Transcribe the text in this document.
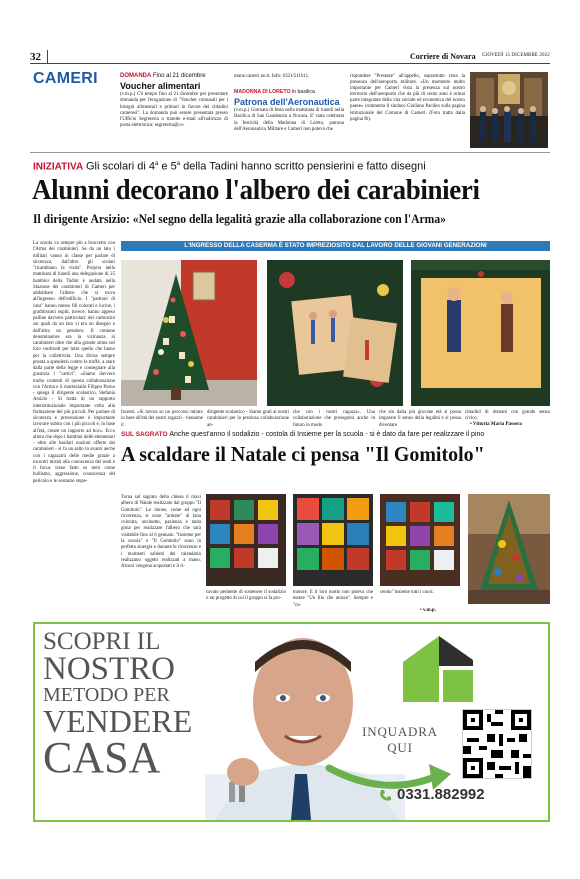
32	Corriere di Novara GIOVEDÌ 15 DICEMBRE 2022
CAMERI	DOMANDA Fino al 21 dicembre
Voucher alimentari
(v.m.p.) C'è tempo fino al 21 dicembre per presentare domanda per l'erogazione di "Voucher comunali per i bisogni alimentari e primari in favore dei cittadini cameresi". La domanda può essere presentata presso l'Ufficio Segreteria o tramite e-mail all'indirizzo di posta elettronica: segreteria@co-
mune.cameri.no.it. Info: 0321/511611.
MADONNA DI LORETO In basilica
Patrona dell'Aeronautica
(v.m.p.) Giornata di festa nella mattinata di lunedì nella Basilica di San Gaudenzio a Novara. E' stata celebrata la festività della Madonna di Loreto, patrona dell'Aeronautica Militare e Cameri non poteva che
rispondere "Presente" all'appello, soprattutto vista la presenza dell'aeroporto militare. «Un momento molto importante per Cameri vista la presenza sul nostro territorio dell'aeroporto che da più di cento anni è ormai parte integrante della vita sociale ed economica del nostro paese» commenta il sindaco Giuliano Pacileo sulla pagina istituzionale del Comune di Cameri. (Foto tratta dalla pagina fb).
INIZIATIVA Gli scolari di 4$^a$ e 5$^a$ della Tadini hanno scritto pensierini e fatto disegni
Alunni decorano l'albero dei carabinieri
Il dirigente Arsizio: «Nel segno della legalità grazie alla collaborazione con l'Arma»
La scuola va sempre più a braccetto con l'Arma dei carabinieri. Se da un lato i militari vanno in classe per parlare di sicurezza, dall'altro gli scolari "ricambiano la visita". Proprio nella mattinata di lunedì una delegazione di 25 bambini della Tadini è andata nella Stazione dei carabinieri di Cameri per addobbare l'albero che si trova all'ingresso dell'edificio. I "padroni di casa" hanno messo fili colorati e lucine, i graditissimi ospiti, invece, hanno appeso palline davvero particolari: dei cartoncini sui quali da un lato vi era un disegno e dall'altro un pensiero. Il comune denominatore era la vicinanza ai carabinieri oltre che alla grande stima nei loro confronti per tutto quello che fanno per la collettività. Una divisa sempre pronta a spendersi contro le truffe, a stare dalla parte della legge e consegnare alla giustizia i "cattivi". «Siamo davvero molto contenti di questa collaborazione con l'Arma e il maresciallo Filippo Purno - spiega il dirigente scolastico, Stefania Arsizio - Si tratta di un rapporto interistituzionale importante volto alla formazione dei più piccoli. Per parlare di sicurezza e prevenzione è importante lavorare subito con i più piccoli e, in base all'età, creare un rapporto ad hoc». Ecco allora che dopo i bambini delle elementari - oltre alle basilari nozioni offerte dai carabinieri - si fa un salto in avanti anche con i ragazzini delle medie grazie a incontri mirati alla conoscenza dei reati e il focus viene fatto su temi come bullismo, aggressione, conoscenza del pericolo e le sostanze stupe-
L'INGRESSO DELLA CASERMA È STATO IMPREZIOSITO DAL LAVORO DELLE GIOVANI GENERAZIONI
facenti. «Si lavora su un percorso mirato in base all'età dei nostri ragazzi - riassume il
dirigente scolastico - Siamo grati ai nostri carabinieri per la preziosa collaborazione an-
che con i nostri ragazzi». Una collaborazione che proseguirà anche in futuro in modo
che sin dalla più giovane età si possa imparare il senso della legalità e si possa diventare
cittadini di domani con grande senso civico.
• Vittoria Maria Passera
SUL SAGRATO Anche quest'anno il sodalizio - costola di Insieme per la scuola - si è dato da fare per realizzare il pino
A scaldare il Natale ci pensa "Il Gomitolo"
Torna sul sagrato della chiesa il maxi albero di Natale realizzato dal gruppo "Il Gomitolo". Le donne, come ad ogni ricorrenza, si sono "armate" di lana colorata, uncinetto, pazienza e tanta gioia per realizzare l'albero che sarà visitabile fino al 6 gennaio. "Insieme per la scuola" e "Il Gomitolo" sono in perfetta sinergia e durante le ricorrenze e i momenti salienti del calendario realizzano oggetti realizzati a mano. Alcuni vengono acquistati e il ri-
cavato permette di sostenere il sodalizio o un progetto di cui il gruppo si fa pro-
motore. E il loro motto non poteva che essere "Un filo che unisce". Sempre e "cu-
cendo" insieme tutti i cuori.
• v.m.p.
SCOPRI IL
NOSTRO
METODO PER
VENDERE
CASA
INQUADRA
QUI
0331.882992
